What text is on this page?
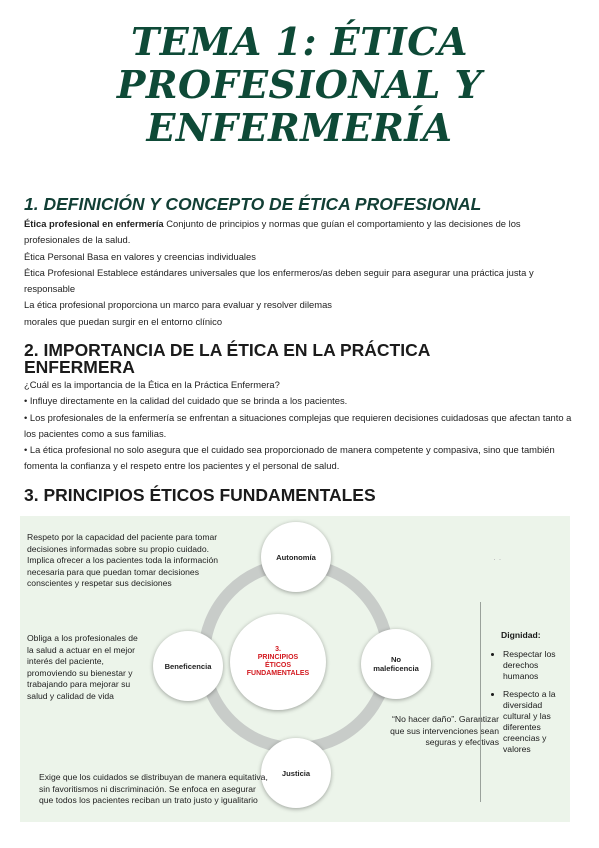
TEMA 1: ÉTICA
PROFESIONAL Y
ENFERMERÍA
1. DEFINICIÓN Y CONCEPTO DE ÉTICA PROFESIONAL
Ética profesional en enfermería Conjunto de principios y normas que guían el comportamiento y las decisiones de los profesionales de la salud.
Ética Personal Basa en valores y creencias individuales
Ética Profesional Establece estándares universales que los enfermeros/as deben seguir para asegurar una práctica justa y responsable
La ética profesional proporciona un marco para evaluar y resolver dilemas
morales que puedan surgir en el entorno clínico
2. IMPORTANCIA DE LA ÉTICA EN LA PRÁCTICA ENFERMERA
¿Cuál es la importancia de la Ética en la Práctica Enfermera?
• Influye directamente en la calidad del cuidado que se brinda a los pacientes.
• Los profesionales de la enfermería se enfrentan a situaciones complejas que requieren decisiones cuidadosas que afectan tanto a los pacientes como a sus familias.
• La ética profesional no solo asegura que el cuidado sea proporcionado de manera competente y compasiva, sino que también fomenta la confianza y el respeto entre los pacientes y el personal de salud.
3. PRINCIPIOS ÉTICOS FUNDAMENTALES
3.
PRINCIPIOS
ÉTICOS
FUNDAMENTALES
Autonomía
Beneficencia
No
maleficencia
Justicia
Respeto por la capacidad del paciente para tomar decisiones informadas sobre su propio cuidado. Implica ofrecer a los pacientes toda la información necesaria para que puedan tomar decisiones conscientes y respetar sus decisiones
Obliga a los profesionales de la salud a actuar en el mejor interés del paciente, promoviendo su bienestar y trabajando para mejorar su salud y calidad de vida
“No hacer daño”. Garantizar que sus intervenciones sean seguras y efectivas
Exige que los cuidados se distribuyan de manera equitativa, sin favoritismos ni discriminación. Se enfoca en asegurar que todos los pacientes reciban un trato justo y igualitario
· ·
Dignidad:
• Respectar los derechos humanos
• Respecto a la diversidad cultural y las diferentes creencias y valores
